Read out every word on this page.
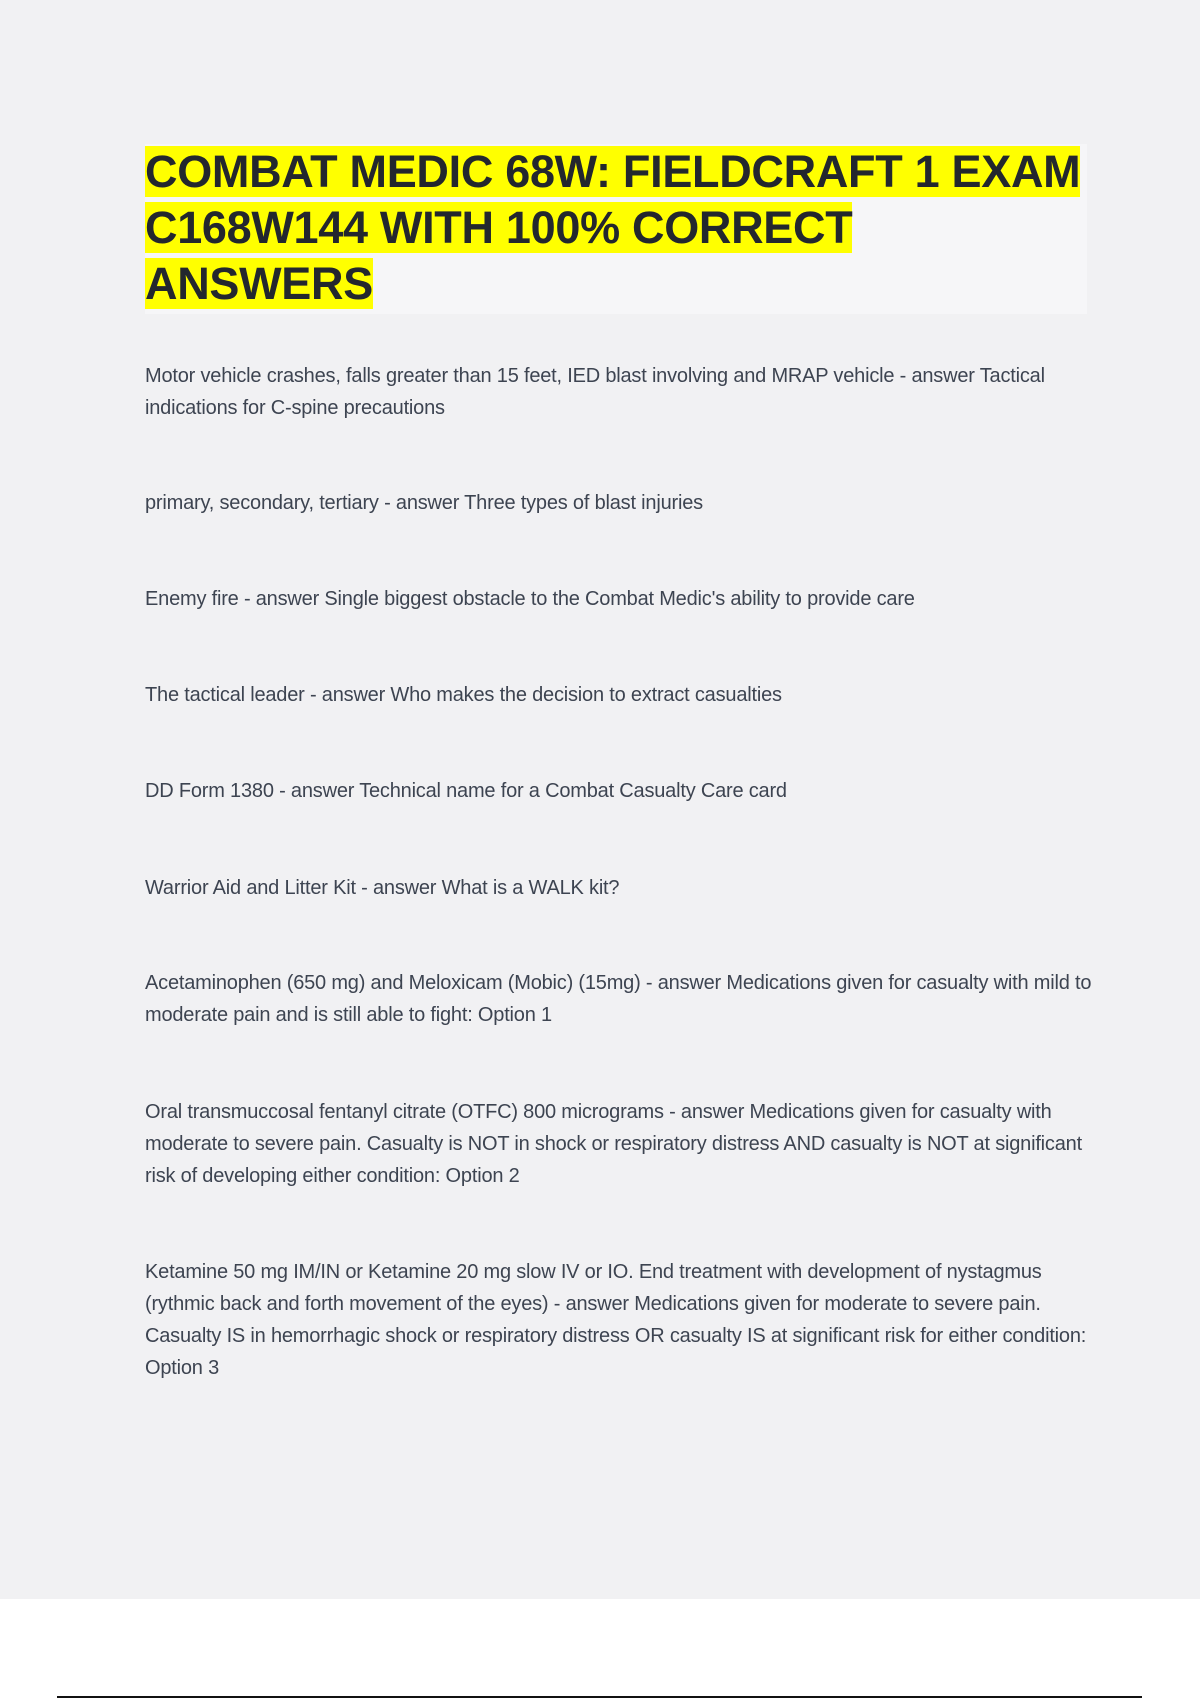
COMBAT MEDIC 68W: FIELDCRAFT 1 EXAM C168W144 WITH 100% CORRECT ANSWERS
Motor vehicle crashes, falls greater than 15 feet, IED blast involving and MRAP vehicle - answer Tactical indications for C-spine precautions
primary, secondary, tertiary - answer Three types of blast injuries
Enemy fire - answer Single biggest obstacle to the Combat Medic's ability to provide care
The tactical leader - answer Who makes the decision to extract casualties
DD Form 1380 - answer Technical name for a Combat Casualty Care card
Warrior Aid and Litter Kit - answer What is a WALK kit?
Acetaminophen (650 mg) and Meloxicam (Mobic) (15mg) - answer Medications given for casualty with mild to moderate pain and is still able to fight: Option 1
Oral transmuccosal fentanyl citrate (OTFC) 800 micrograms - answer Medications given for casualty with moderate to severe pain. Casualty is NOT in shock or respiratory distress AND casualty is NOT at significant risk of developing either condition: Option 2
Ketamine 50 mg IM/IN or Ketamine 20 mg slow IV or IO. End treatment with development of nystagmus (rythmic back and forth movement of the eyes) - answer Medications given for moderate to severe pain. Casualty IS in hemorrhagic shock or respiratory distress OR casualty IS at significant risk for either condition: Option 3
